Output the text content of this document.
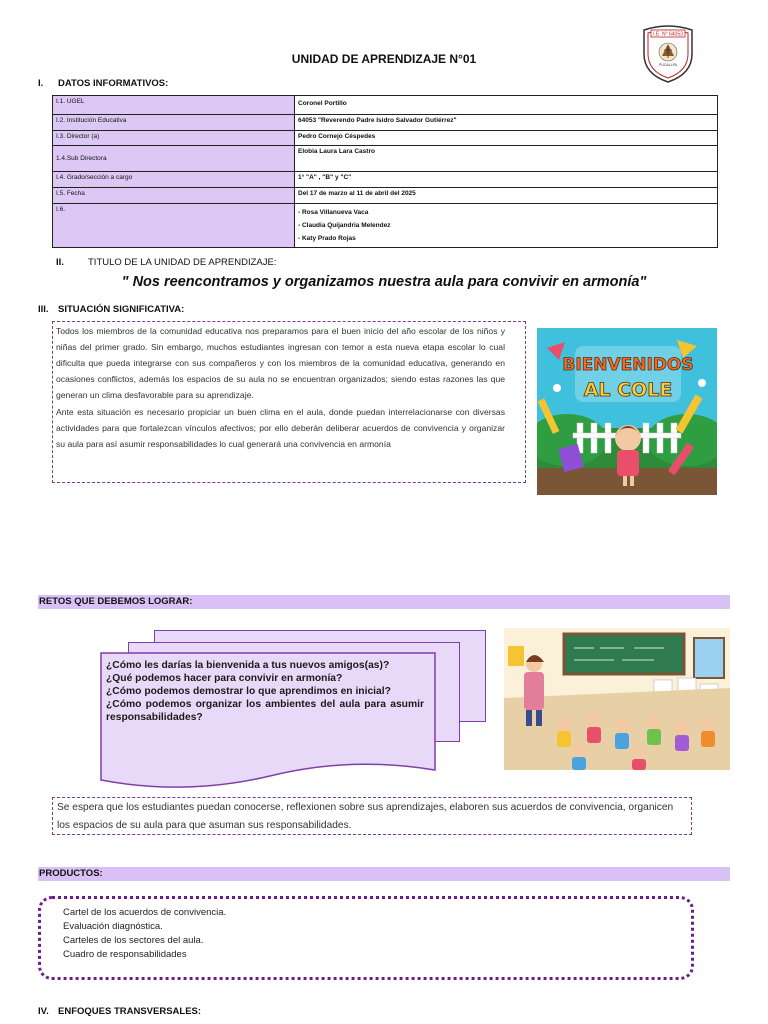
UNIDAD DE APRENDIZAJE N°01
I.E. N° 64053
PUCALLPA
I. DATOS INFORMATIVOS:
I.1. UGEL	Coronel Portillo
I.2. Institución Educativa	64053 "Reverendo Padre Isidro Salvador Gutiérrez"
I.3. Director (a)	Pedro Cornejo Céspedes
1.4.Sub Directora	Elobia Laura Lara Castro
I.4. Grado/sección a cargo	1° "A" , "B" y "C"
I.5. Fecha	Del 17 de marzo al 11 de abril del 2025
I.6.	- Rosa Villanueva Vaca
- Claudia Quijandria Melendez
- Katy Prado Rojas
II.	TITULO DE LA UNIDAD DE APRENDIZAJE:
" Nos reencontramos y organizamos nuestra aula para convivir en armonía"
III. SITUACIÓN SIGNIFICATIVA:

Todos los miembros de la comunidad educativa nos preparamos para el buen inicio del año escolar de los niños y niñas del primer grado. Sin embargo, muchos estudiantes ingresan con temor a esta nueva etapa escolar lo cual dificulta que pueda integrarse con sus compañeros y con los miembros de la comunidad educativa, generando en ocasiones conflictos, además los espacios de su aula no se encuentran organizados; siendo estas razones las que generan un clima desfavorable para su aprendizaje.

Ante esta situación es necesario propiciar un buen clima en el aula, donde puedan interrelacionarse con diversas actividades para que fortalezcan vínculos afectivos; por ello deberán deliberar acuerdos de convivencia y organizar su aula para así asumir responsabilidades lo cual generará una convivencia en armonía

BIENVENIDOS
AL COLE
RETOS QUE DEBEMOS LOGRAR:
¿Cómo les darías la bienvenida a tus nuevos amigos(as)?
¿Qué podemos hacer para convivir en armonía?
¿Cómo podemos demostrar lo que aprendimos en inicial?
¿Cómo podemos organizar los ambientes del aula para asumir responsabilidades?
Se espera que los estudiantes puedan conocerse, reflexionen sobre sus aprendizajes, elaboren sus acuerdos de convivencia, organicen los espacios de su aula para que asuman sus responsabilidades.
PRODUCTOS:
Cartel de los acuerdos de convivencia.
Evaluación diagnóstica.
Carteles de los sectores del aula.
Cuadro de responsabilidades
IV. ENFOQUES TRANSVERSALES:
